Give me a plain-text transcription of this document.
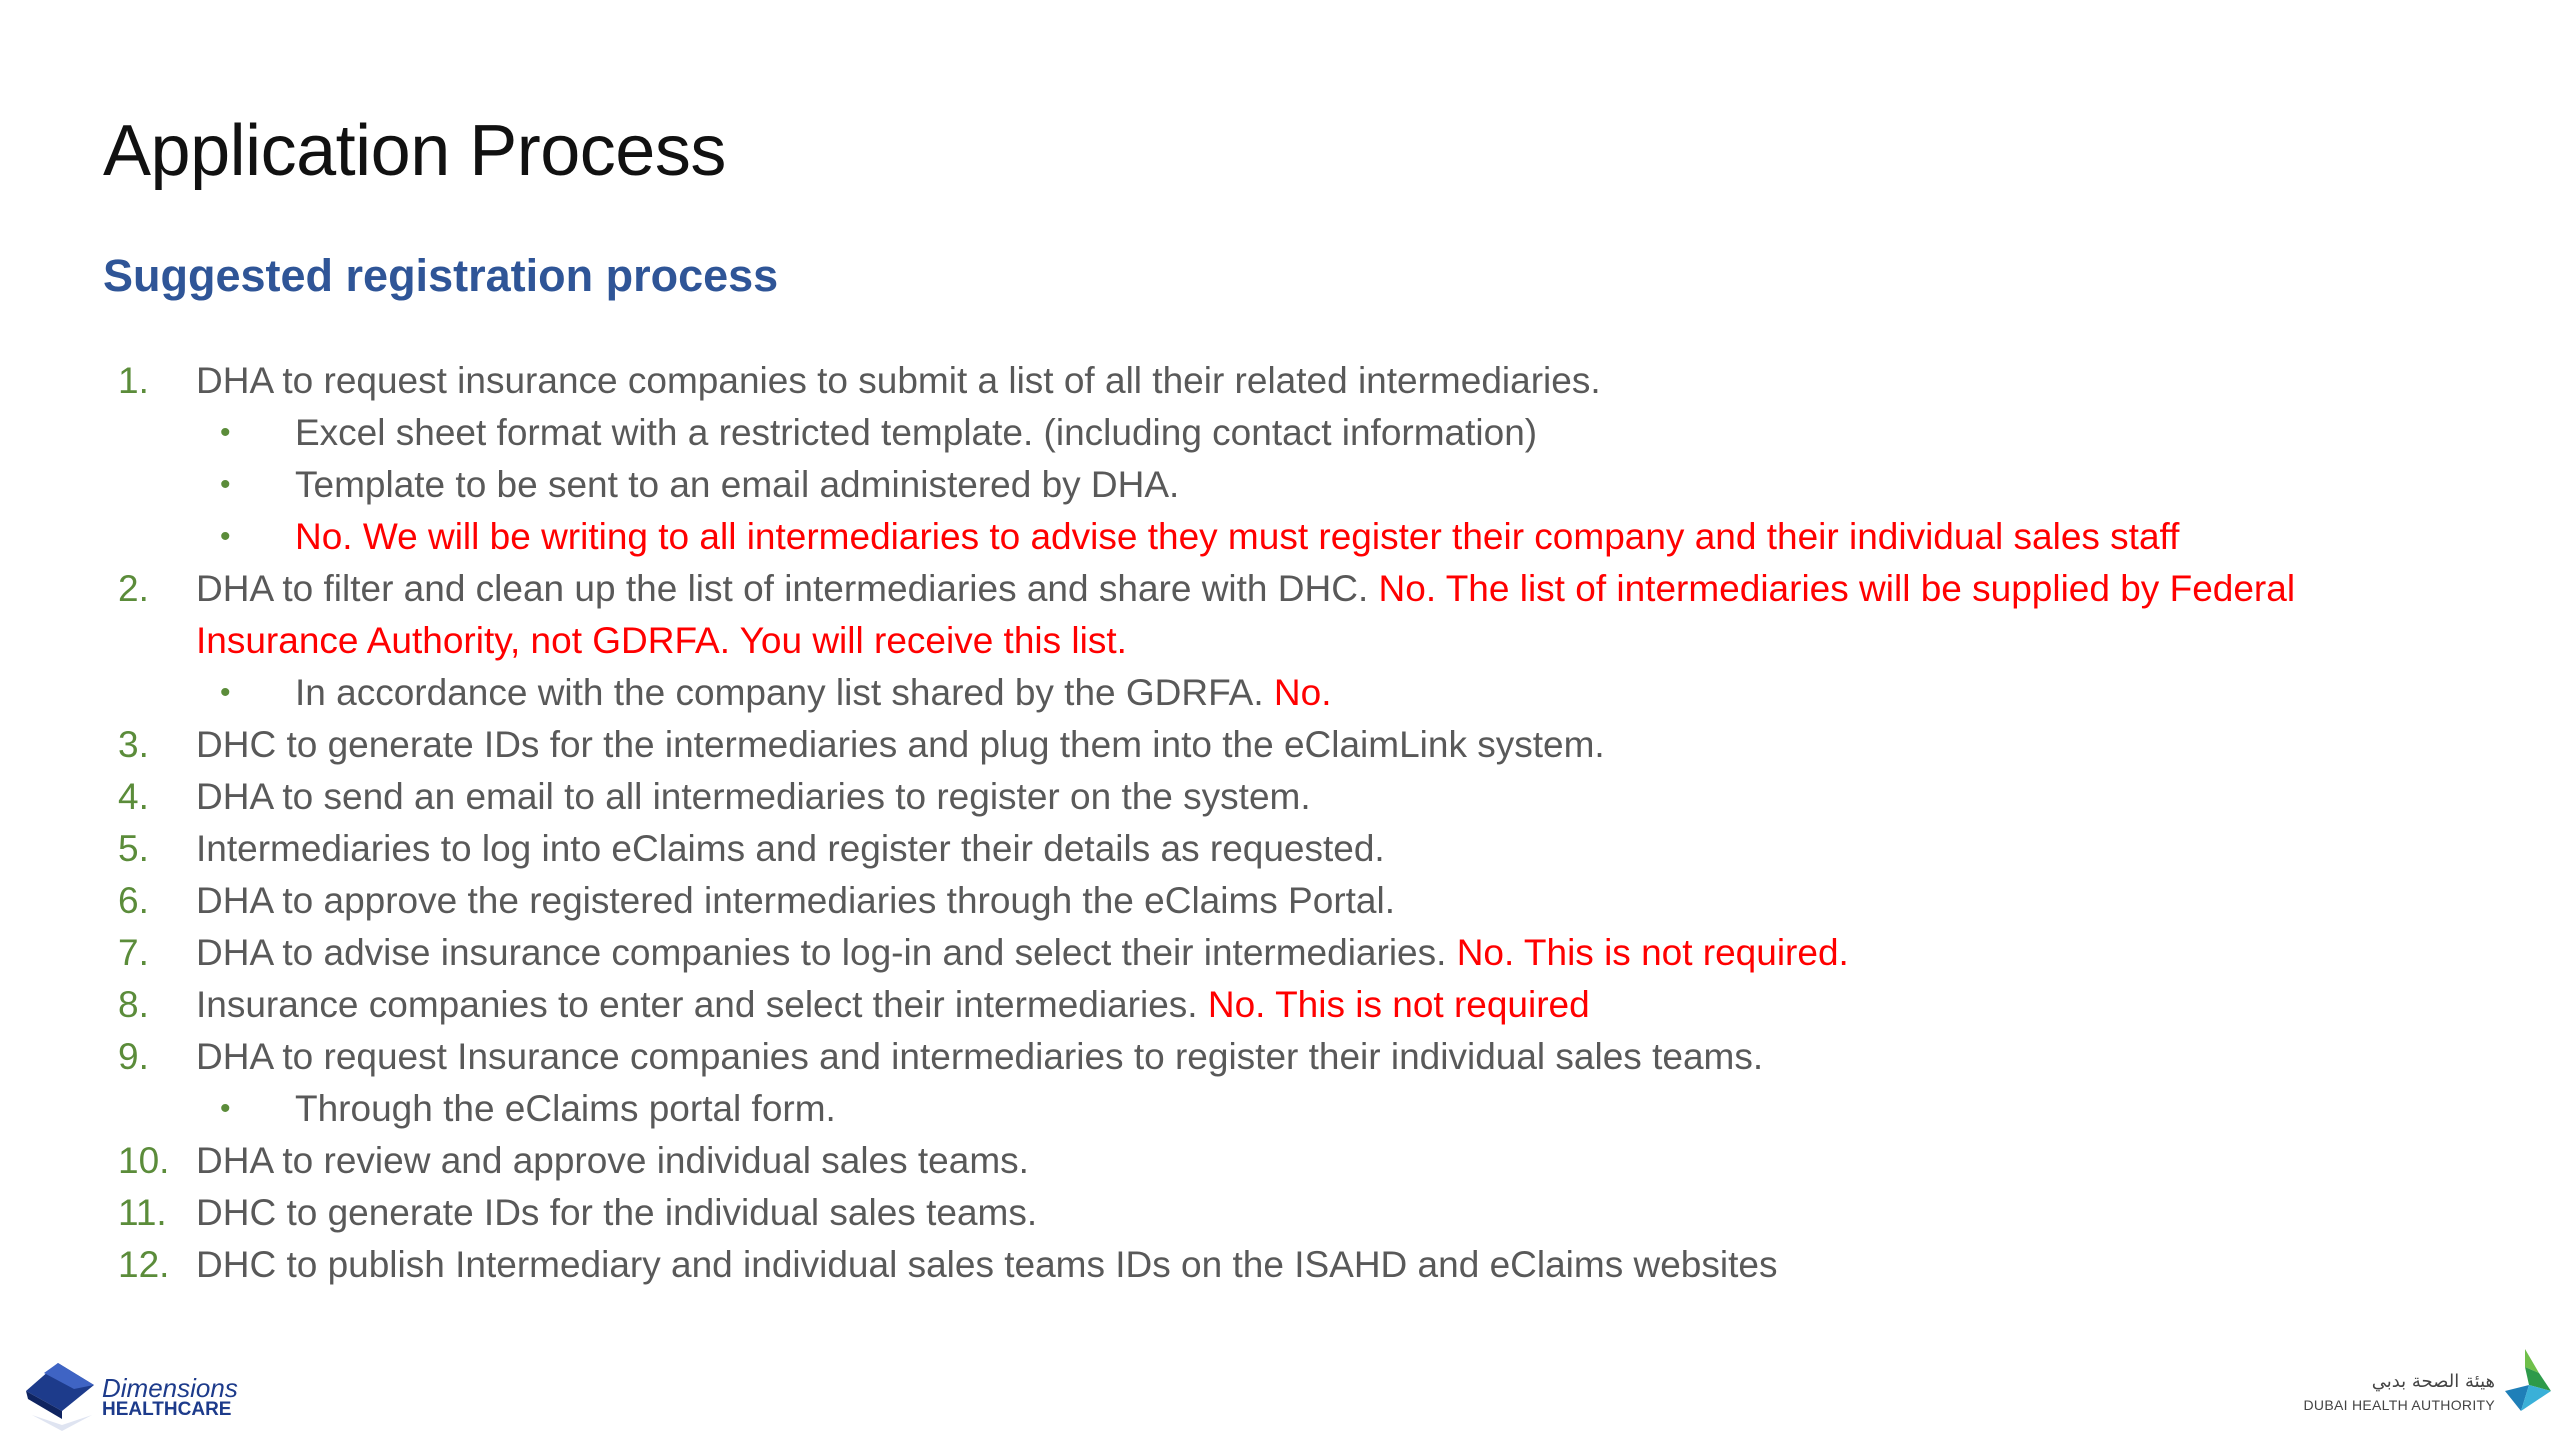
Application Process
Suggested registration process
1.	DHA to request insurance companies to submit a list of all their related intermediaries.
•	Excel sheet format with a restricted template. (including contact information)
•	Template to be sent to an email administered by DHA.
•	No. We will be writing to all intermediaries to advise they must register their company and their individual sales staff
2.	DHA to filter and clean up the list of intermediaries and share with DHC. No. The list of intermediaries will be supplied by Federal Insurance Authority, not GDRFA. You will receive this list.
•	In accordance with the company list shared by the GDRFA. No.
3.	DHC to generate IDs for the intermediaries and plug them into the eClaimLink system.
4.	DHA to send an email to all intermediaries to register on the system.
5.	Intermediaries to log into eClaims and register their details as requested.
6.	DHA to approve the registered intermediaries through the eClaims Portal.
7.	DHA to advise insurance companies to log-in and select their intermediaries. No. This is not required.
8.	Insurance companies to enter and select their intermediaries. No. This is not required
9.	DHA to request Insurance companies and intermediaries to register their individual sales teams.
•	Through the eClaims portal form.
10. DHA to review and approve individual sales teams.
11. DHC to generate IDs for the individual sales teams.
12. DHC to publish Intermediary and individual sales teams IDs on the ISAHD and eClaims websites
Dimensions
HEALTHCARE
هيئة الصحة بدبي
DUBAI HEALTH AUTHORITY
